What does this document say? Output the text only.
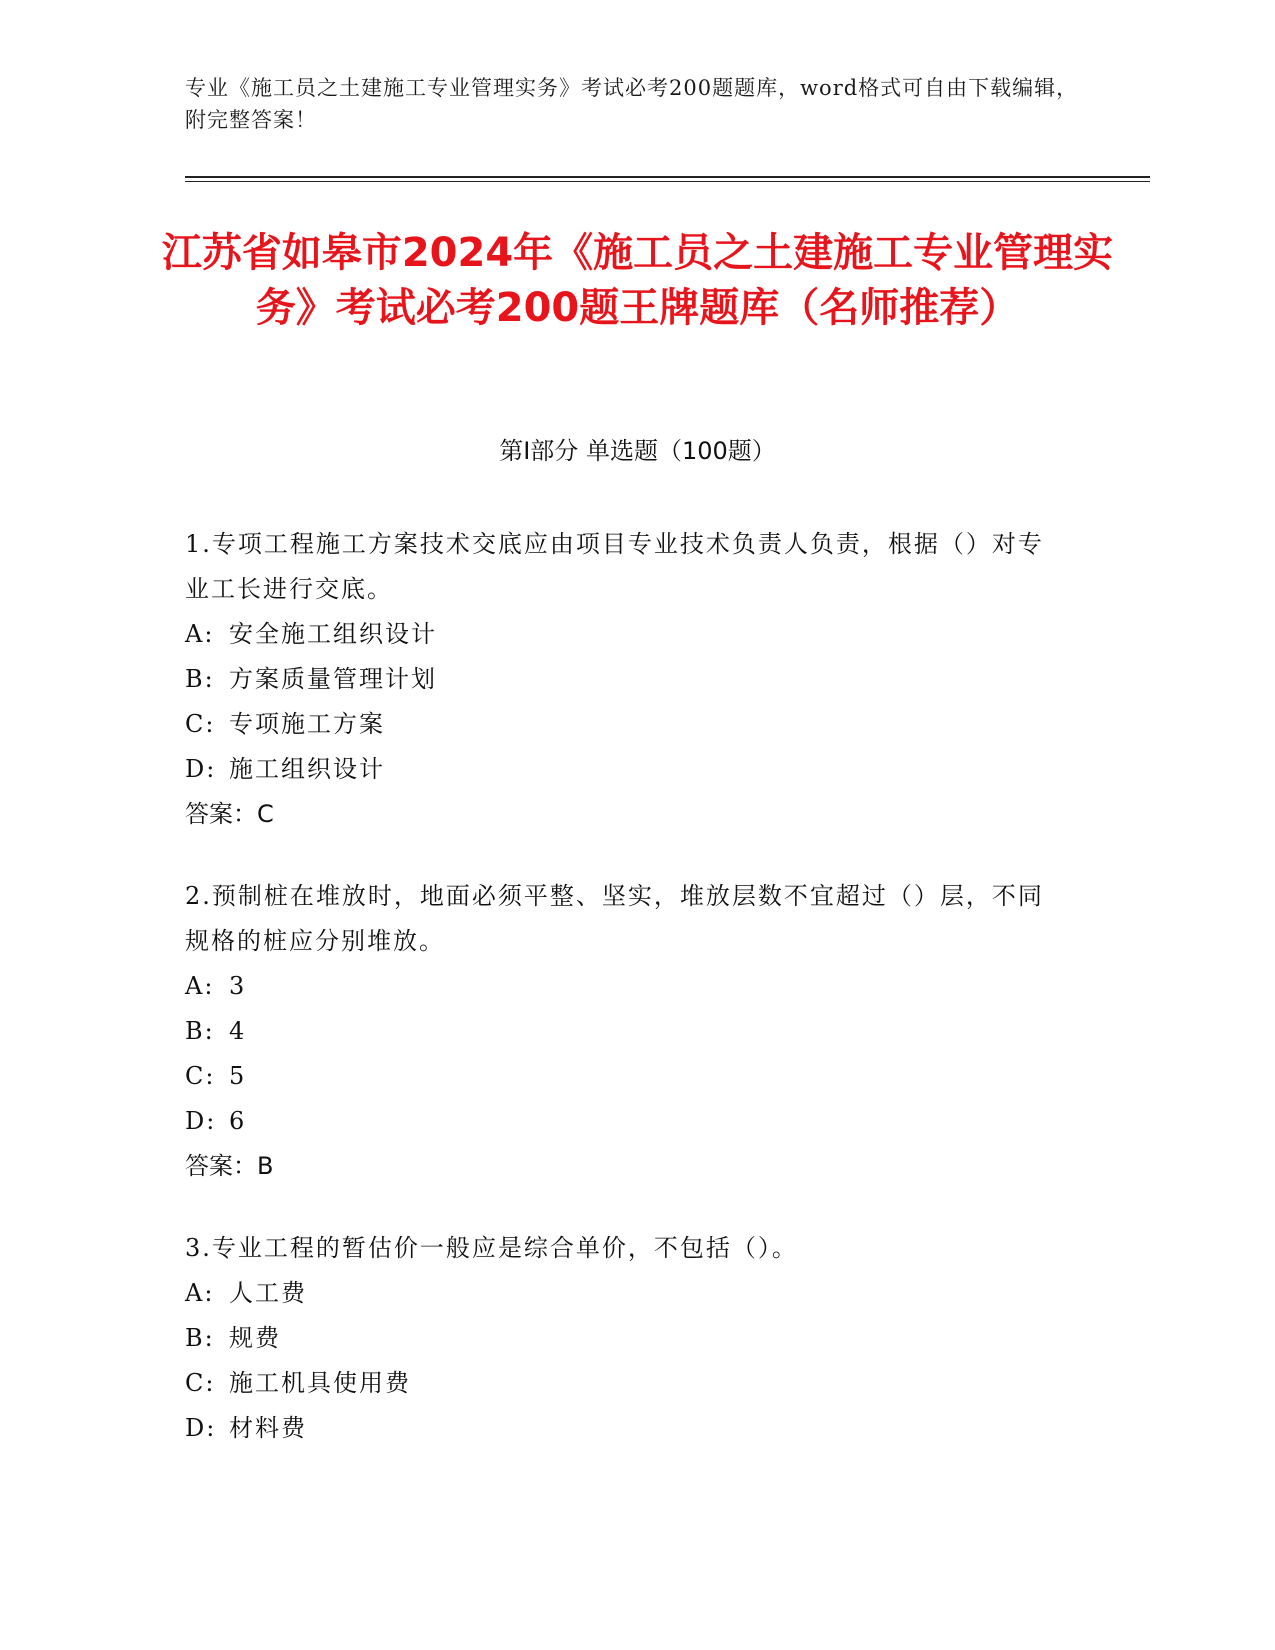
专业《施工员之土建施工专业管理实务》考试必考200题题库，word格式可自由下载编辑，附完整答案！
江苏省如皋市2024年《施工员之土建施工专业管理实务》考试必考200题王牌题库（名师推荐）
第I部分 单选题（100题）

1.专项工程施工方案技术交底应由项目专业技术负责人负责，根据（）对专业工长进行交底。

A: 安全施工组织设计

B: 方案质量管理计划

C: 专项施工方案

D: 施工组织设计

答案：C

2.预制桩在堆放时，地面必须平整、坚实，堆放层数不宜超过（）层，不同规格的桩应分别堆放。

A: 3

B: 4

C: 5

D: 6

答案：B

3.专业工程的暂估价一般应是综合单价，不包括（）。

A: 人工费

B: 规费

C: 施工机具使用费

D: 材料费
